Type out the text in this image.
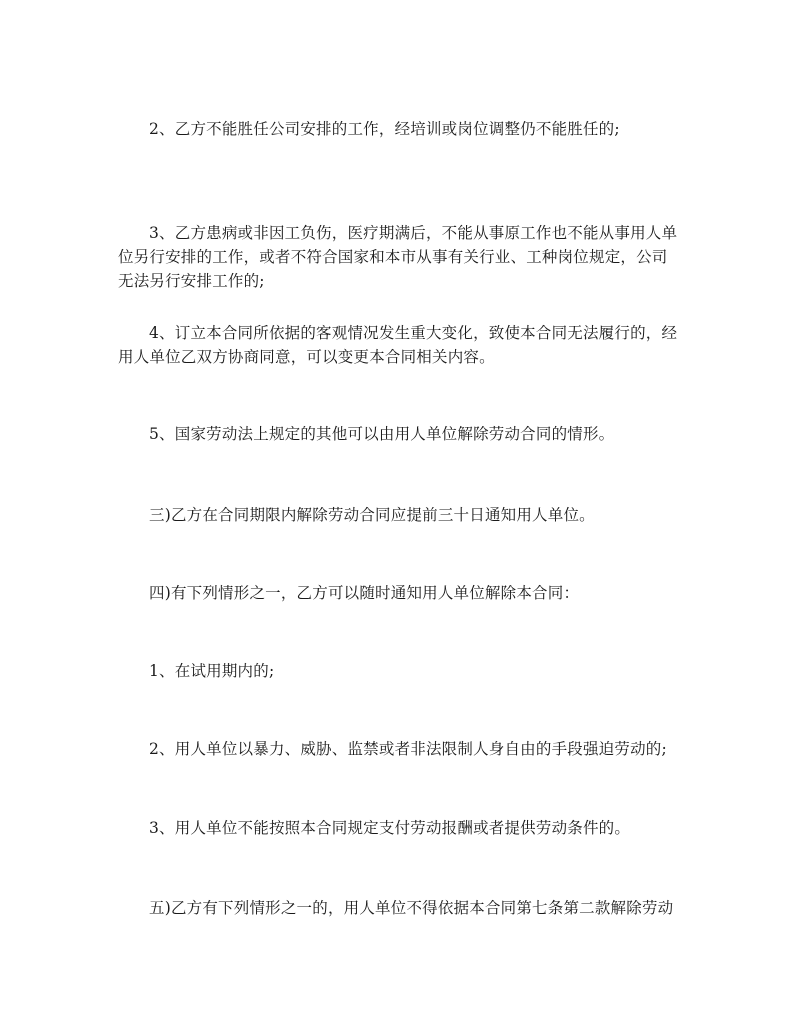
2、乙方不能胜任公司安排的工作，经培训或岗位调整仍不能胜任的;

3、乙方患病或非因工负伤，医疗期满后，不能从事原工作也不能从事用人单位另行安排的工作，或者不符合国家和本市从事有关行业、工种岗位规定，公司无法另行安排工作的;

4、订立本合同所依据的客观情况发生重大变化，致使本合同无法履行的，经用人单位乙双方协商同意，可以变更本合同相关内容。

5、国家劳动法上规定的其他可以由用人单位解除劳动合同的情形。

三)乙方在合同期限内解除劳动合同应提前三十日通知用人单位。

四)有下列情形之一，乙方可以随时通知用人单位解除本合同：

1、在试用期内的;

2、用人单位以暴力、威胁、监禁或者非法限制人身自由的手段强迫劳动的;

3、用人单位不能按照本合同规定支付劳动报酬或者提供劳动条件的。

五)乙方有下列情形之一的，用人单位不得依据本合同第七条第二款解除劳动
